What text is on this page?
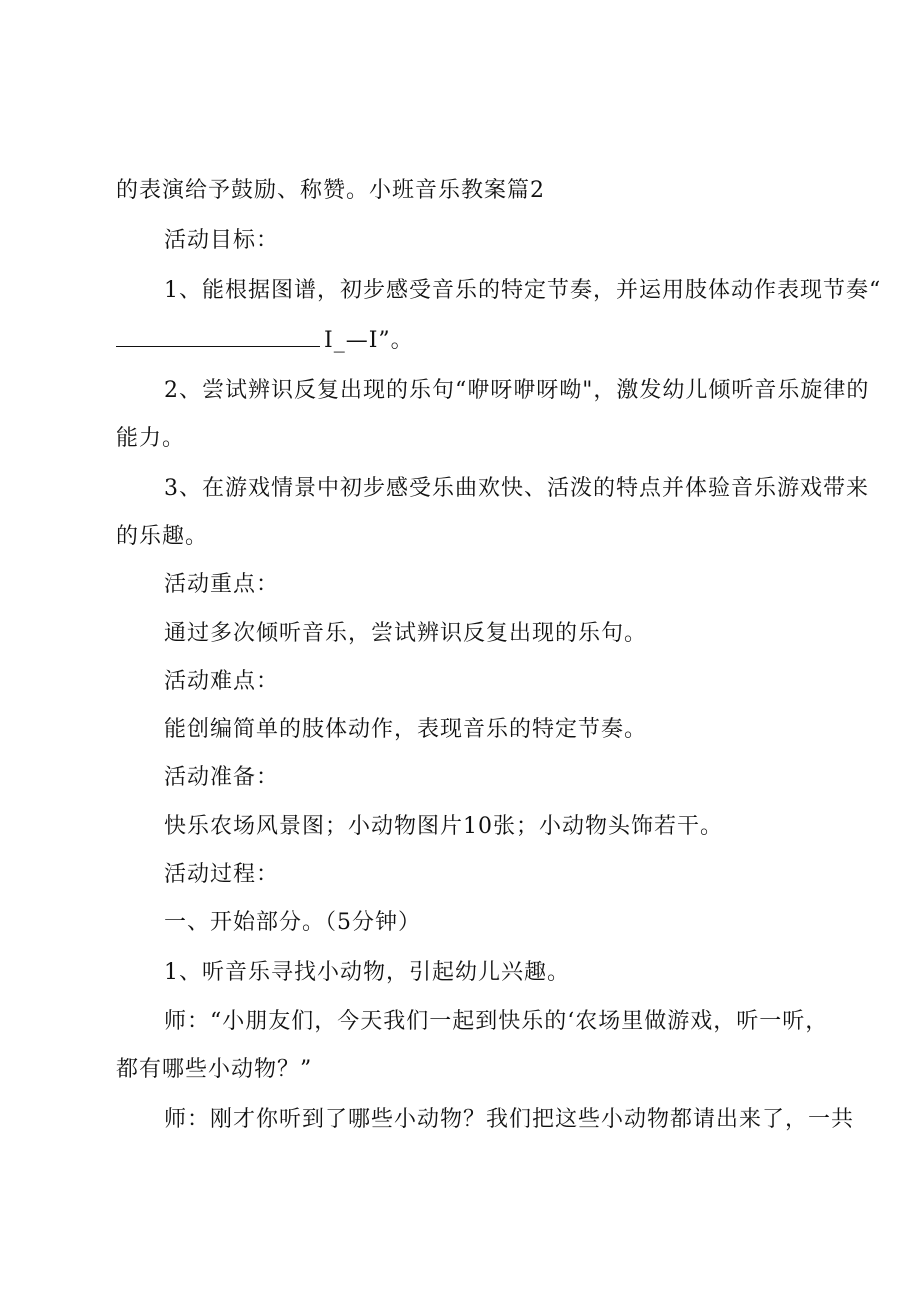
的表演给予鼓励、称赞。小班音乐教案篇2
活动目标：
1、能根据图谱，初步感受音乐的特定节奏，并运用肢体动作表现节奏“
I_—I”。
2、尝试辨识反复出现的乐句“咿呀咿呀呦"，激发幼儿倾听音乐旋律的
能力。
3、在游戏情景中初步感受乐曲欢快、活泼的特点并体验音乐游戏带来
的乐趣。
活动重点：
通过多次倾听音乐，尝试辨识反复出现的乐句。
活动难点：
能创编简单的肢体动作，表现音乐的特定节奏。
活动准备：
快乐农场风景图；小动物图片10张；小动物头饰若干。
活动过程：
一、开始部分。（5分钟）
1、听音乐寻找小动物，引起幼儿兴趣。
师：“小朋友们，今天我们一起到快乐的‘农场里做游戏，听一听，
都有哪些小动物？”
师：刚才你听到了哪些小动物？我们把这些小动物都请出来了，一共
